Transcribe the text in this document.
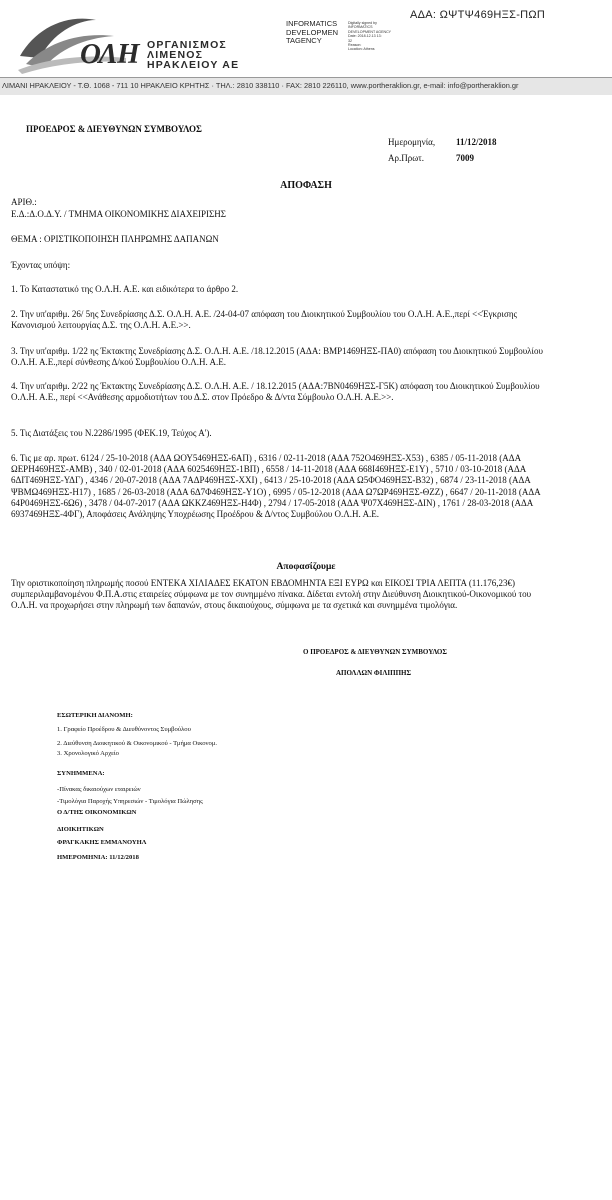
ΑΔΑ: ΩΨΤΨ469ΗΞΣ-ΠΩΠ
ΟΛΗ ΟΡΓΑΝΙΣΜΟΣ
ΛΙΜΕΝΟΣ
ΗΡΑΚΛΕΙΟΥ ΑΕ
INFORMATICS
DEVELOPMEN
TAGENCY
Digitally signed by
INFORMATICS
DEVELOPMENT AGENCY
Date: 2018.12.13 13:
32
Reason:
Location: Athens
ΛΙΜΑΝΙ ΗΡΑΚΛΕΙΟΥ - Τ.Θ. 1068 - 711 10 ΗΡΑΚΛΕΙΟ ΚΡΗΤΗΣ · ΤΗΛ.: 2810 338110 · FAX: 2810 226110, www.portheraklion.gr, e-mail: info@portheraklion.gr
ΠΡΟΕΔΡΟΣ & ΔΙΕΥΘΥΝΩΝ ΣΥΜΒΟΥΛΟΣ
Ημερομηνία, 11/12/2018
Αρ.Πρωτ.	7009
ΑΠΟΦΑΣΗ
ΑΡΙΘ.:
Ε.Δ.:Δ.Ο.Δ.Υ. / ΤΜΗΜΑ ΟΙΚΟΝΟΜΙΚΗΣ ΔΙΑΧΕΙΡΙΣΗΣ
ΘΕΜΑ : ΟΡΙΣΤΙΚΟΠΟΙΗΣΗ ΠΛΗΡΩΜΗΣ ΔΑΠΑΝΩΝ
Έχοντας υπόψη:
1. Το Καταστατικό της Ο.Λ.Η. Α.Ε. και ειδικότερα το άρθρο 2.
2. Την υπ'αριθμ. 26/ 5ης Συνεδρίασης Δ.Σ. Ο.Λ.Η. Α.Ε. /24-04-07 απόφαση του Διοικητικού Συμβουλίου του Ο.Λ.Η. Α.Ε.,περί <<Έγκρισης Κανονισμού λειτουργίας Δ.Σ. της Ο.Λ.Η. Α.Ε.>>.
3. Την υπ'αριθμ. 1/22 ης Έκτακτης Συνεδρίασης Δ.Σ. Ο.Λ.Η. Α.Ε. /18.12.2015 (ΑΔΑ: ΒΜΡ1469ΗΞΣ-ΠΑ0) απόφαση του Διοικητικού Συμβουλίου Ο.Λ.Η. Α.Ε.,περί σύνθεσης Δ/κού Συμβουλίου Ο.Λ.Η. Α.Ε.
4. Την υπ'αριθμ. 2/22 ης Έκτακτης Συνεδρίασης Δ.Σ. Ο.Λ.Η. Α.Ε. / 18.12.2015 (ΑΔΑ:7ΒΝ0469ΗΞΣ-Γ5Κ) απόφαση του Διοικητικού Συμβουλίου Ο.Λ.Η. Α.Ε., περί <<Ανάθεσης αρμοδιοτήτων του Δ.Σ. στον Πρόεδρο & Δ/ντα Σύμβουλο Ο.Λ.Η. Α.Ε.>>.
5. Τις Διατάξεις του Ν.2286/1995 (ΦΕΚ.19, Τεύχος Α').
6. Τις με αρ. πρωτ. 6124 / 25-10-2018 (ΑΔΑ ΩΟΥ5469ΗΞΣ-6ΑΠ) , 6316 / 02-11-2018 (ΑΔΑ 752Ο469ΗΞΣ-Χ53) , 6385 / 05-11-2018 (ΑΔΑ ΩΕΡΗ469ΗΞΣ-ΑΜΒ) , 340 / 02-01-2018 (ΑΔΑ 6025469ΗΞΣ-1ΒΠ) , 6558 / 14-11-2018 (ΑΔΑ 668Ι469ΗΞΣ-Ε1Υ) , 5710 / 03-10-2018 (ΑΔΑ 6ΔΙΤ469ΗΞΣ-ΥΔΓ) , 4346 / 20-07-2018 (ΑΔΑ 7ΑΔΡ469ΗΞΣ-ΧΧΙ) , 6413 / 25-10-2018 (ΑΔΑ Ω5ΦΟ469ΗΞΣ-Β32) , 6874 / 23-11-2018 (ΑΔΑ ΨΒΜΩ469ΗΞΣ-Η17) , 1685 / 26-03-2018 (ΑΔΑ 6Δ7Φ469ΗΞΣ-Υ1Ο) , 6995 / 05-12-2018 (ΑΔΑ Ω7ΩΡ469ΗΞΣ-ΘΖΖ) , 6647 / 20-11-2018 (ΑΔΑ 64Ρ0469ΗΞΣ-6Ω6) , 3478 / 04-07-2017 (ΑΔΑ ΩΚΚΖ469ΗΞΣ-Η4Φ) , 2794 / 17-05-2018 (ΑΔΑ Ψ07Χ469ΗΞΣ-ΔΙΝ) , 1761 / 28-03-2018 (ΑΔΑ 6937469ΗΞΣ-4ΦΓ), Αποφάσεις Ανάληψης Υποχρέωσης Προέδρου & Δ/ντος Συμβούλου Ο.Λ.Η. Α.Ε.
Αποφασίζουμε
Την οριστικοποίηση πληρωμής ποσού ΕΝΤΕΚΑ ΧΙΛΙΑΔΕΣ ΕΚΑΤΟΝ ΕΒΔΟΜΗΝΤΑ ΕΞΙ ΕΥΡΩ και ΕΙΚΟΣΙ ΤΡΙΑ ΛΕΠΤΑ (11.176,23€) συμπεριλαμβανομένου Φ.Π.Α.στις εταιρείες σύμφωνα με τον συνημμένο πίνακα. Δίδεται εντολή στην Διεύθυνση Διοικητικού-Οικονομικού του Ο.Λ.Η. να προχωρήσει στην πληρωμή των δαπανών, στους δικαιούχους, σύμφωνα με τα σχετικά και συνημμένα τιμολόγια.
Ο ΠΡΟΕΔΡΟΣ & ΔΙΕΥΘΥΝΩΝ ΣΥΜΒΟΥΛΟΣ
ΑΠΟΛΛΩΝ ΦΙΛΙΠΠΗΣ
ΕΣΩΤΕΡΙΚΗ ΔΙΑΝΟΜΗ:
1. Γραφείο Προέδρου & Διευθύνοντος Συμβούλου
2. Διεύθυνση Διοικητικού & Οικονομικού - Τμήμα Οικονομ.
3. Χρονολογικό Αρχείο
ΣΥΝΗΜΜΕΝΑ:
-Πίνακας δικαιούχων εταιρειών
-Τιμολόγια Παροχής Υπηρεσιών - Τιμολόγια Πώλησης
Ο Δ/ΤΗΣ ΟΙΚΟΝΟΜΙΚΩΝ
ΔΙΟΙΚΗΤΙΚΩΝ
ΦΡΑΓΚΑΚΗΣ ΕΜΜΑΝΟΥΗΛ
ΗΜΕΡΟΜΗΝΙΑ: 11/12/2018
